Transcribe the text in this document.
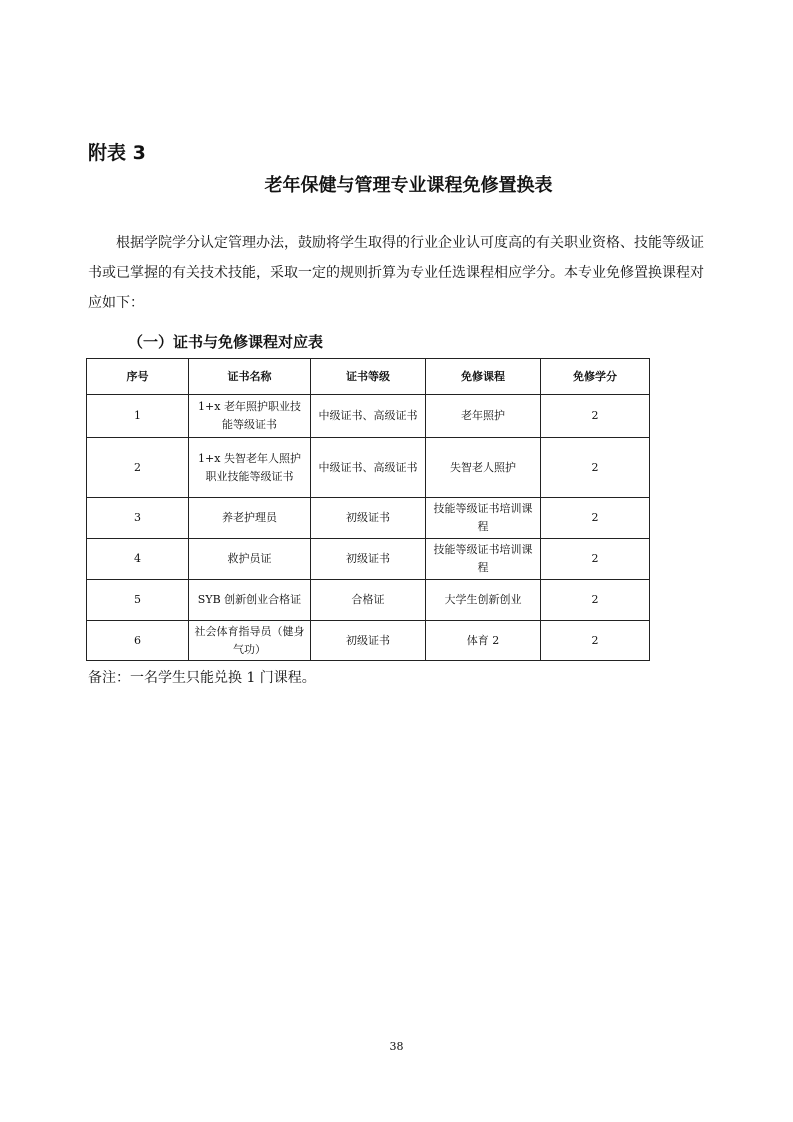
附表 3
老年保健与管理专业课程免修置换表

根据学院学分认定管理办法，鼓励将学生取得的行业企业认可度高的有关职业资格、技能等级证书或已掌握的有关技术技能，采取一定的规则折算为专业任选课程相应学分。本专业免修置换课程对应如下：

（一）证书与免修课程对应表
序号	证书名称	证书等级	免修课程	免修学分
1	1+x 老年照护职业技能等级证书	中级证书、高级证书	老年照护	2
2	1+x 失智老年人照护职业技能等级证书	中级证书、高级证书	失智老人照护	2
3	养老护理员	初级证书	技能等级证书培训课程	2
4	救护员证	初级证书	技能等级证书培训课程	2
5	SYB 创新创业合格证	合格证	大学生创新创业	2
6	社会体育指导员（健身气功）	初级证书	体育 2	2
备注：一名学生只能兑换 1 门课程。
38
